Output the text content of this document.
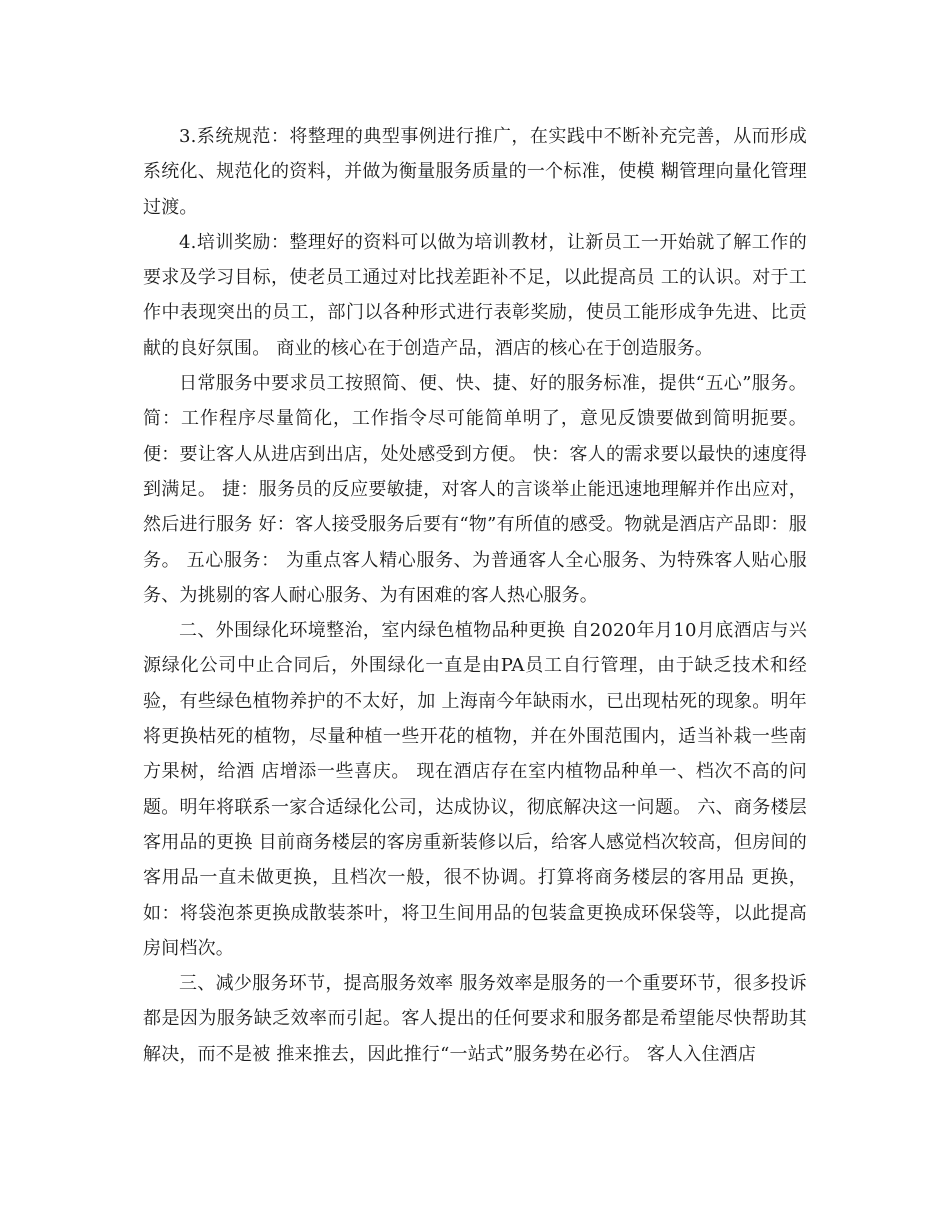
3.系统规范：将整理的典型事例进行推广，在实践中不断补充完善，从而形成系统化、规范化的资料，并做为衡量服务质量的一个标准，使模 糊管理向量化管理过渡。

4.培训奖励：整理好的资料可以做为培训教材，让新员工一开始就了解工作的要求及学习目标，使老员工通过对比找差距补不足，以此提高员 工的认识。对于工作中表现突出的员工，部门以各种形式进行表彰奖励，使员工能形成争先进、比贡献的良好氛围。 商业的核心在于创造产品，酒店的核心在于创造服务。

日常服务中要求员工按照简、便、快、捷、好的服务标准，提供“五心”服务。 简：工作程序尽量简化，工作指令尽可能简单明了，意见反馈要做到简明扼要。 便：要让客人从进店到出店，处处感受到方便。 快：客人的需求要以最快的速度得到满足。 捷：服务员的反应要敏捷，对客人的言谈举止能迅速地理解并作出应对，然后进行服务 好：客人接受服务后要有“物”有所值的感受。物就是酒店产品即：服务。 五心服务： 为重点客人精心服务、为普通客人全心服务、为特殊客人贴心服务、为挑剔的客人耐心服务、为有困难的客人热心服务。

二、外围绿化环境整治，室内绿色植物品种更换 自2020年月10月底酒店与兴源绿化公司中止合同后，外围绿化一直是由PA员工自行管理，由于缺乏技术和经验，有些绿色植物养护的不太好，加 上海南今年缺雨水，已出现枯死的现象。明年将更换枯死的植物，尽量种植一些开花的植物，并在外围范围内，适当补栽一些南方果树，给酒 店增添一些喜庆。 现在酒店存在室内植物品种单一、档次不高的问题。明年将联系一家合适绿化公司，达成协议，彻底解决这一问题。 六、商务楼层客用品的更换 目前商务楼层的客房重新装修以后，给客人感觉档次较高，但房间的客用品一直未做更换，且档次一般，很不协调。打算将商务楼层的客用品 更换，如：将袋泡茶更换成散装茶叶，将卫生间用品的包装盒更换成环保袋等，以此提高房间档次。

三、减少服务环节，提高服务效率 服务效率是服务的一个重要环节，很多投诉都是因为服务缺乏效率而引起。客人提出的任何要求和服务都是希望能尽快帮助其解决，而不是被 推来推去，因此推行“一站式”服务势在必行。 客人入住酒店
